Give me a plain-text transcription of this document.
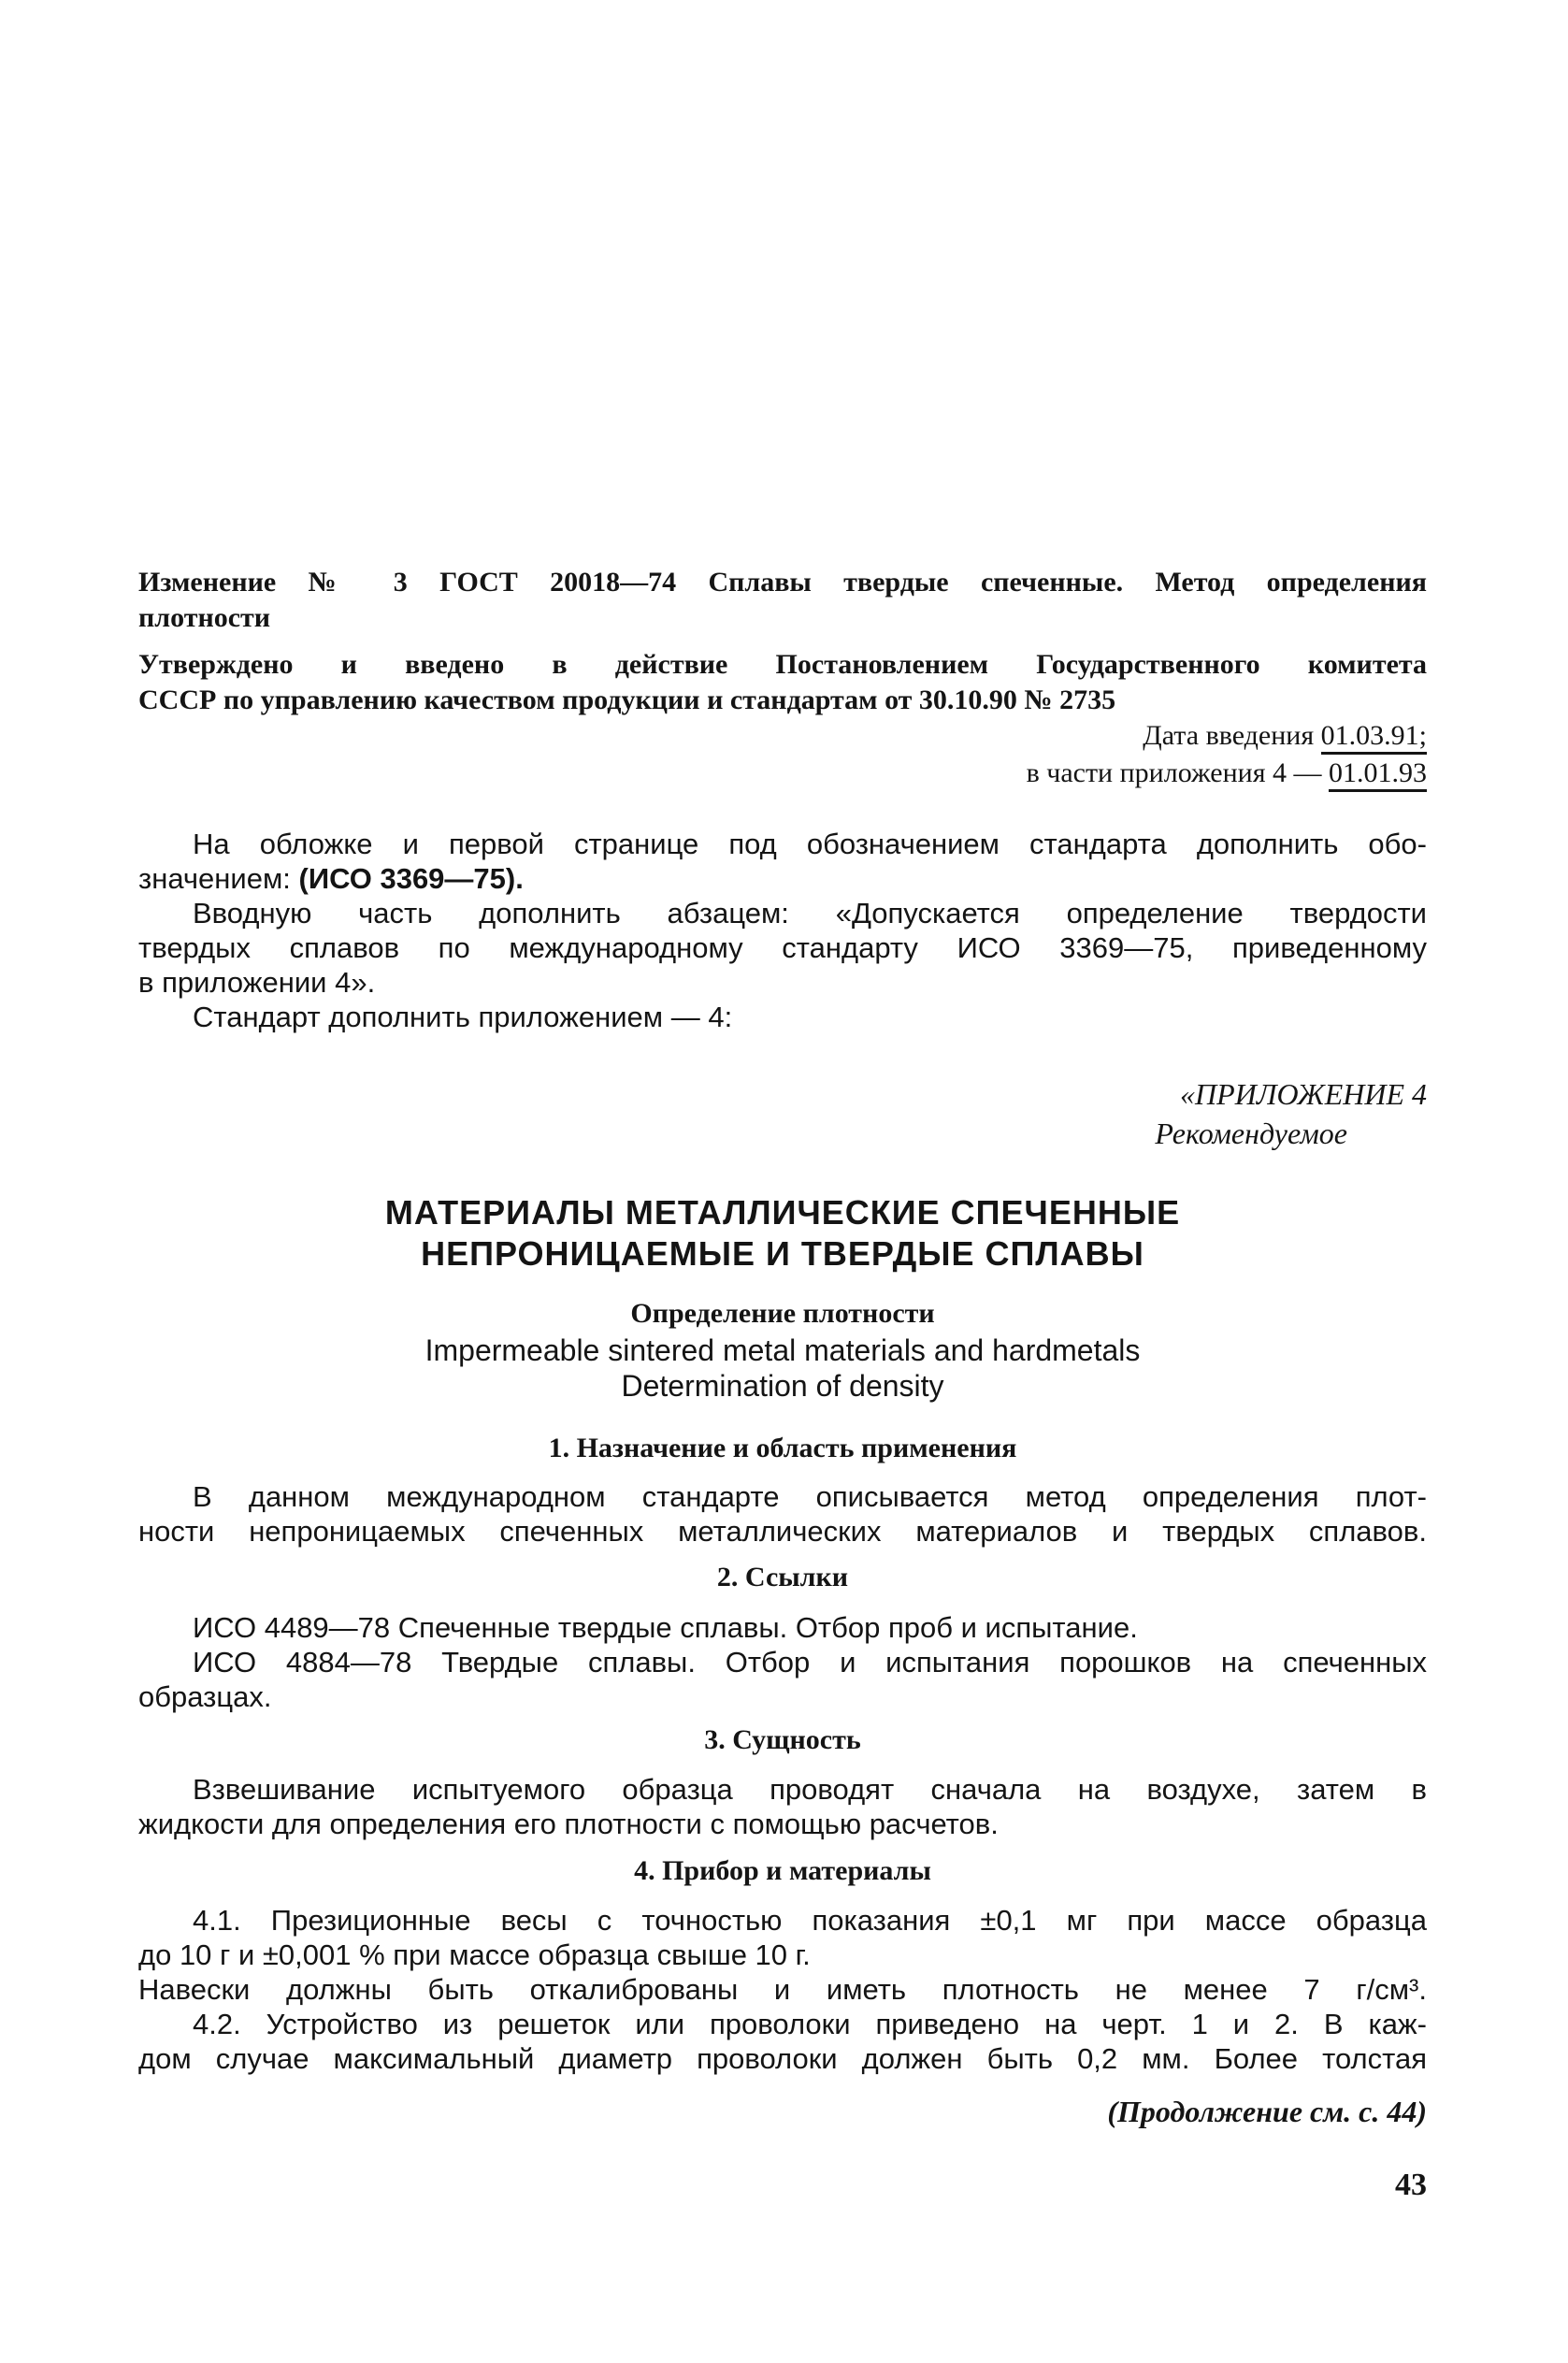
Изменение № 3 ГОСТ 20018—74 Сплавы твердые спеченные. Метод определения
плотности
Утверждено и введено в действие Постановлением Государственного комитета
СССР по управлению качеством продукции и стандартам от 30.10.90 № 2735
Дата введения 01.03.91;
в части приложения 4 — 01.01.93
На обложке и первой странице под обозначением стандарта дополнить обо-
значением: (ИСО 3369—75).
Вводную часть дополнить абзацем: «Допускается определение твердости
твердых сплавов по международному стандарту ИСО 3369—75, приведенному
в приложении 4».
Стандарт дополнить приложением — 4:
«ПРИЛОЖЕНИЕ 4
Рекомендуемое
МАТЕРИАЛЫ МЕТАЛЛИЧЕСКИЕ СПЕЧЕННЫЕ
НЕПРОНИЦАЕМЫЕ И ТВЕРДЫЕ СПЛАВЫ
Определение плотности
Impermeable sintered metal materials and hardmetals
Determination of density
1. Назначение и область применения
В данном международном стандарте описывается метод определения плот-
ности непроницаемых спеченных металлических материалов и твердых сплавов.
2. Ссылки
ИСО 4489—78 Спеченные твердые сплавы. Отбор проб и испытание.
ИСО 4884—78 Твердые сплавы. Отбор и испытания порошков на спеченных
образцах.
3. Сущность
Взвешивание испытуемого образца проводят сначала на воздухе, затем в
жидкости для определения его плотности с помощью расчетов.
4. Прибор и материалы
4.1. Презиционные весы с точностью показания ±0,1 мг при массе образца
до 10 г и ±0,001 % при массе образца свыше 10 г.
Навески должны быть откалиброваны и иметь плотность не менее 7 г/см³.
4.2. Устройство из решеток или проволоки приведено на черт. 1 и 2. В каж-
дом случае максимальный диаметр проволоки должен быть 0,2 мм. Более толстая
(Продолжение см. с. 44)
43
